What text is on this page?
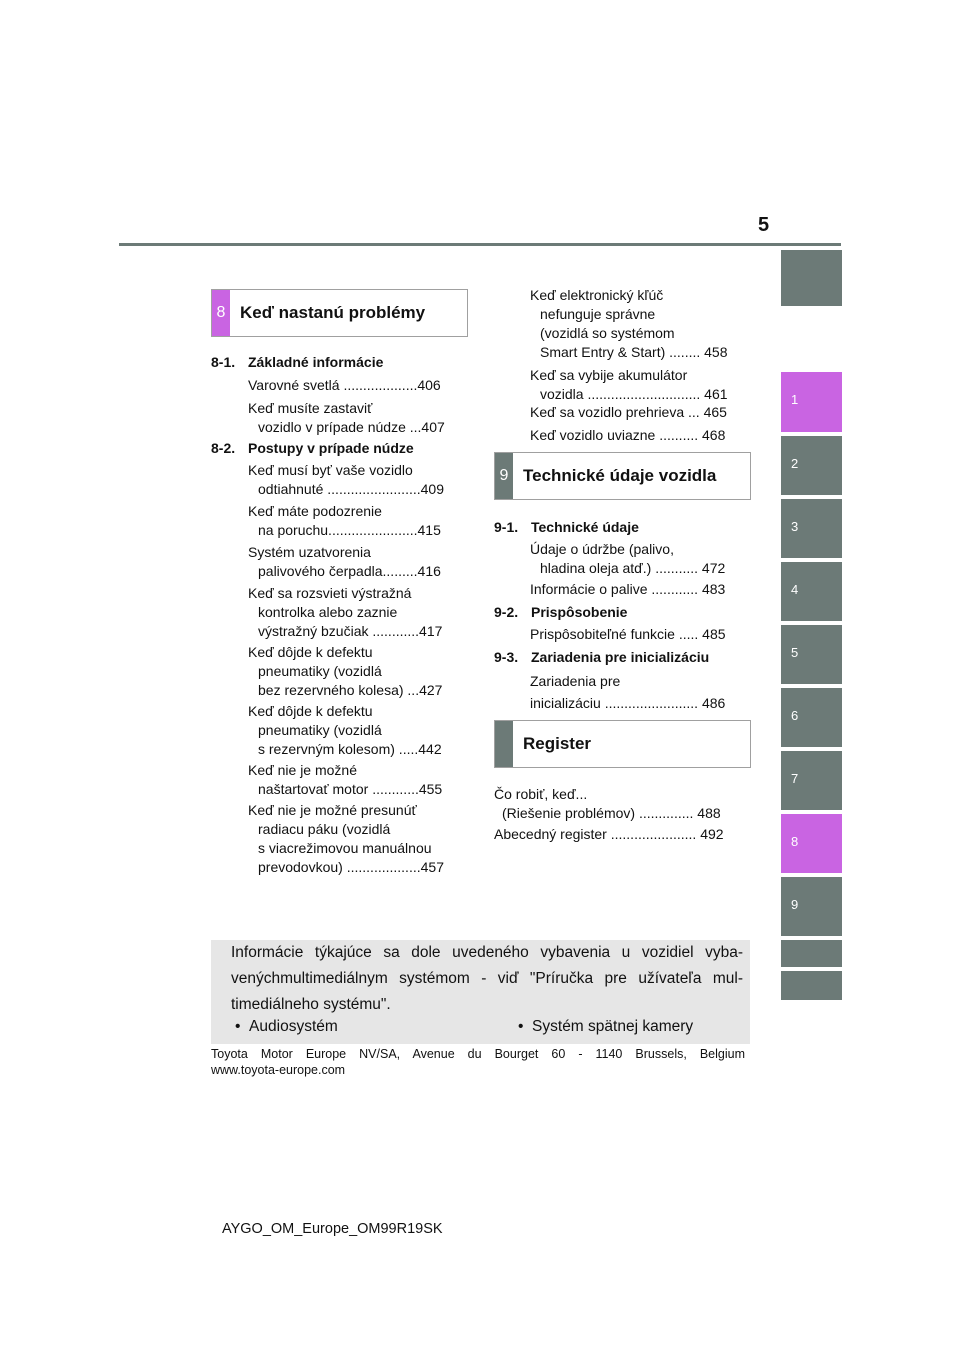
5
1
2
3
4
5
6
7
8
9
8 Keď nastanú problémy
8-1. Základné informácie
Varovné svetlá ...................406
Keď musíte zastaviť
vozidlo v prípade núdze ...407
8-2. Postupy v prípade núdze
Keď musí byť vaše vozidlo
odtiahnuté ........................409
Keď máte podozrenie
na poruchu.......................415
Systém uzatvorenia
palivového čerpadla.........416
Keď sa rozsvieti výstražná
kontrolka alebo zaznie
výstražný bzučiak ............417
Keď dôjde k defektu
pneumatiky (vozidlá
bez rezervného kolesa) ...427
Keď dôjde k defektu
pneumatiky (vozidlá
s rezervným kolesom) .....442
Keď nie je možné
naštartovať motor ............455
Keď nie je možné presunúť
radiacu páku (vozidlá
s viacrežimovou manuálnou
prevodovkou) ...................457
Keď elektronický kľúč
nefunguje správne
(vozidlá so systémom
Smart Entry & Start) ........ 458
Keď sa vybije akumulátor
vozidla ............................. 461
Keď sa vozidlo prehrieva ... 465
Keď vozidlo uviazne .......... 468
9 Technické údaje vozidla
9-1. Technické údaje
Údaje o údržbe (palivo,
hladina oleja atď.) ........... 472
Informácie o palive ............ 483
9-2. Prispôsobenie
Prispôsobiteľné funkcie ..... 485
9-3. Zariadenia pre inicializáciu
Zariadenia pre
inicializáciu ........................ 486
Register
Čo robiť, keď...
(Riešenie problémov) .............. 488
Abecedný register ...................... 492
Informácie týkajúce sa dole uvedeného vybavenia u vozidiel vyba-venýchmultimediálnym systémom - viď "Príručka pre užívateľa mul-timediálneho systému".
•  Audiosystém	•  Systém spätnej kamery
Toyota Motor Europe NV/SA, Avenue du Bourget 60 - 1140 Brussels, Belgium
www.toyota-europe.com
AYGO_OM_Europe_OM99R19SK
